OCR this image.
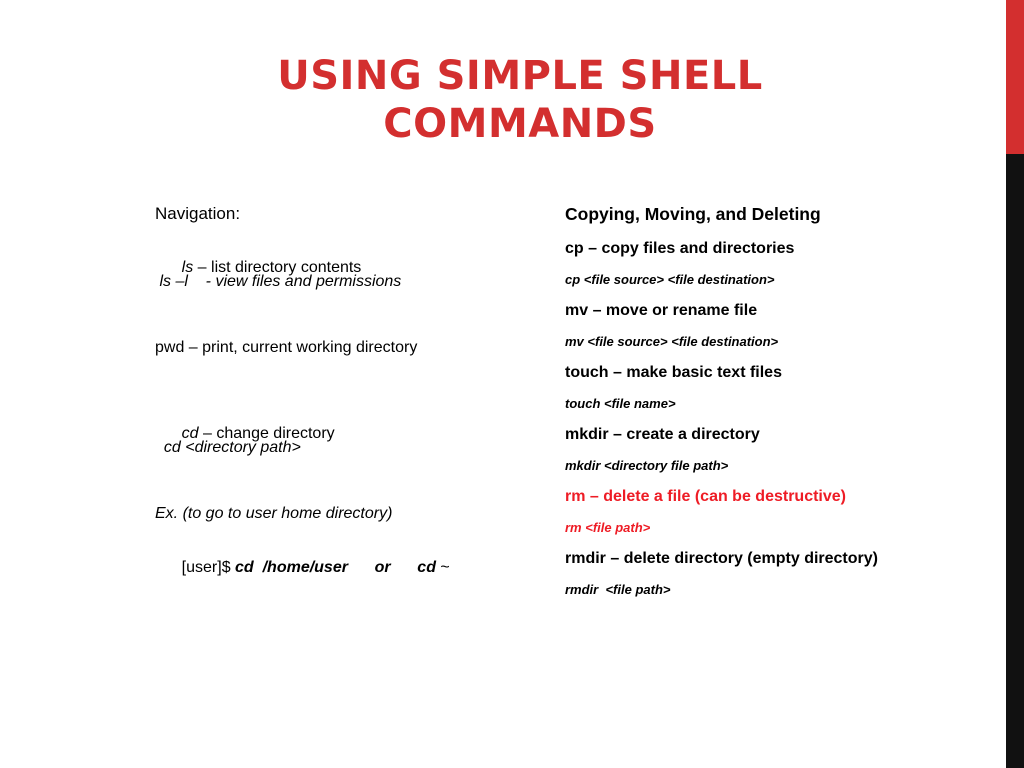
USING SIMPLE SHELL
COMMANDS
Navigation:

ls – list directory contents

ls –l    - view files and permissions
pwd – print, current working directory

cd – change directory

cd <directory path>
Ex. (to go to user home directory)

[user]$ cd  /home/user      or      cd ~

Copying, Moving, and Deleting
cp – copy files and directories
cp <file source> <file destination>
mv – move or rename file
mv <file source> <file destination>
touch – make basic text files
touch <file name>
mkdir – create a directory
mkdir <directory file path>
rm – delete a file (can be destructive)
rm <file path>
rmdir – delete directory (empty directory)
rmdir  <file path>
